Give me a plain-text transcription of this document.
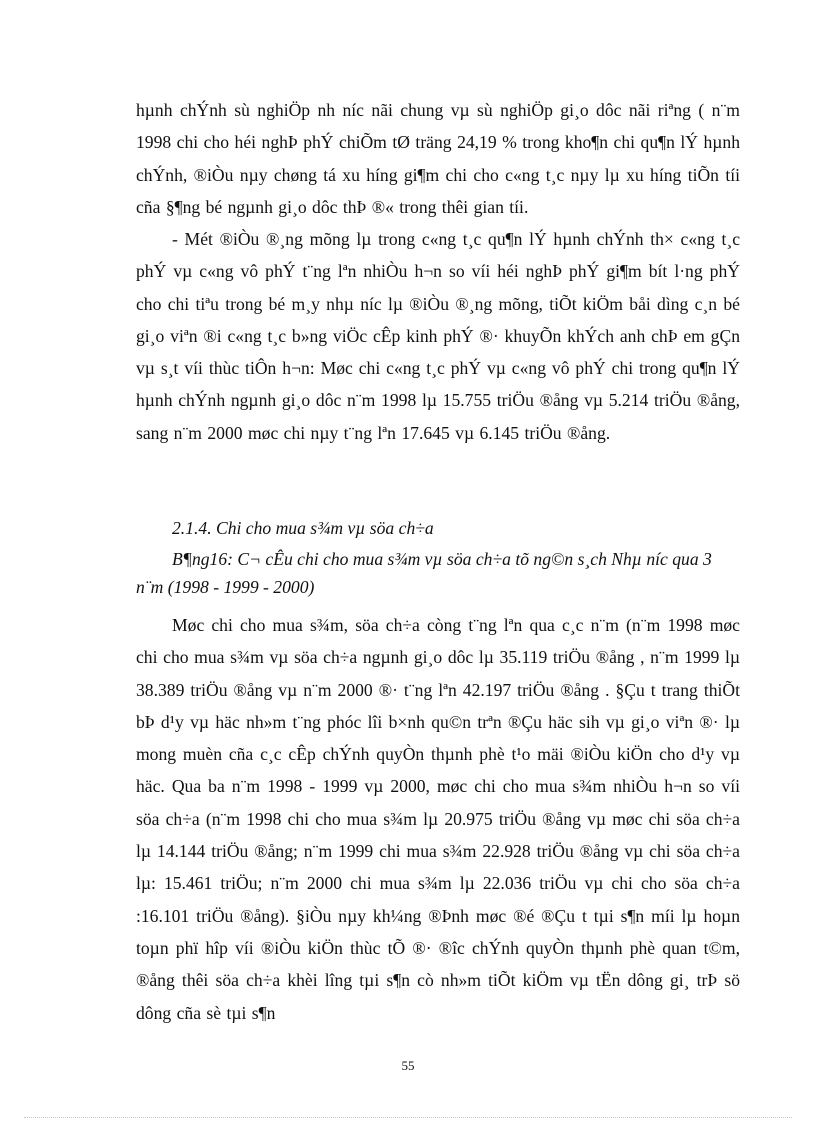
hµnh chÝnh sù nghiÖp nh níc nãi chung vµ sù nghiÖp gi¸o dôc nãi riªng ( n¨m 1998 chi cho héi nghÞ phÝ chiÕm tØ träng 24,19 % trong kho¶n chi qu¶n lÝ hµnh chÝnh, ®iÒu nµy chøng tá xu híng gi¶m chi cho c«ng t¸c nµy lµ xu híng tiÕn tíi cña §¶ng bé ngµnh gi¸o dôc thÞ ®« trong thêi gian tíi.

- Mét ®iÒu ®¸ng mõng lµ trong c«ng t¸c qu¶n lÝ hµnh chÝnh th× c«ng t¸c phÝ vµ c«ng vô phÝ t¨ng lªn nhiÒu h¬n so víi héi nghÞ phÝ gi¶m bít l·ng phÝ cho chi tiªu trong bé m¸y nhµ níc lµ ®iÒu ®¸ng mõng, tiÕt kiÖm båi dìng c¸n bé gi¸o viªn ®i c«ng t¸c b»ng viÖc cÊp kinh phÝ ®· khuyÕn khÝch anh chÞ em gÇn vµ s¸t víi thùc tiÔn h¬n: Møc chi c«ng t¸c phÝ vµ c«ng vô phÝ chi trong qu¶n lÝ hµnh chÝnh ngµnh gi¸o dôc n¨m 1998 lµ 15.755 triÖu ®ång vµ 5.214 triÖu ®ång, sang n¨m 2000 møc chi nµy t¨ng lªn 17.645 vµ 6.145 triÖu ®ång.

2.1.4. Chi cho mua s¾m vµ söa ch÷a

B¶ng16: C¬ cÊu chi cho mua s¾m vµ söa ch÷a tõ ng©n s¸ch Nhµ níc qua 3 n¨m (1998 - 1999 - 2000)

Møc chi cho mua s¾m, söa ch÷a còng t¨ng lªn qua c¸c n¨m (n¨m 1998 møc chi cho mua s¾m vµ söa ch÷a ngµnh gi¸o dôc lµ 35.119 triÖu ®ång , n¨m 1999 lµ 38.389 triÖu ®ång vµ n¨m 2000 ®· t¨ng lªn 42.197 triÖu ®ång . §Çu t trang thiÕt bÞ d¹y vµ häc nh»m t¨ng phóc lîi b×nh qu©n trªn ®Çu häc sih vµ gi¸o viªn ®· lµ mong muèn cña c¸c cÊp chÝnh quyÒn thµnh phè t¹o mäi ®iÒu kiÖn cho d¹y vµ häc. Qua ba n¨m 1998 - 1999 vµ 2000, møc chi cho mua s¾m nhiÒu h¬n so víi söa ch÷a (n¨m 1998 chi cho mua s¾m lµ 20.975 triÖu ®ång vµ møc chi söa ch÷a lµ 14.144 triÖu ®ång; n¨m 1999 chi mua s¾m 22.928 triÖu ®ång vµ chi söa ch÷a lµ: 15.461 triÖu; n¨m 2000 chi mua s¾m lµ 22.036 triÖu vµ chi cho söa ch÷a :16.101 triÖu ®ång). §iÒu nµy kh¼ng ®Þnh møc ®é ®Çu t tµi s¶n míi lµ hoµn toµn phï hîp víi ®iÒu kiÖn thùc tÕ ®· ®îc chÝnh quyÒn thµnh phè quan t©m, ®ång thêi söa ch÷a khèi lîng tµi s¶n cò nh»m tiÕt kiÖm vµ tËn dông gi¸ trÞ sö dông cña sè tµi s¶n

55
